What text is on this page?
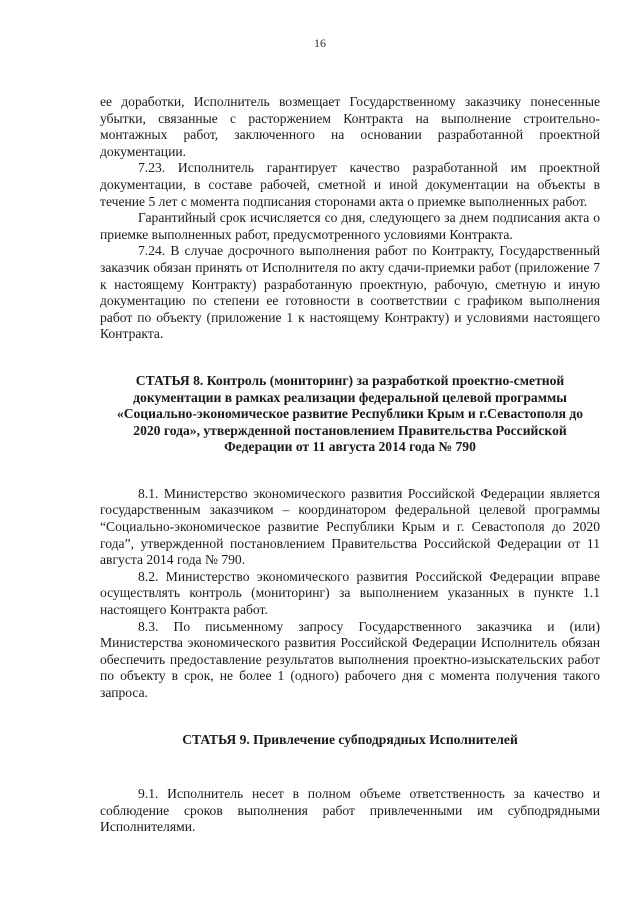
16

ее доработки, Исполнитель возмещает Государственному заказчику понесенные убытки, связанные с расторжением Контракта на выполнение строительно-монтажных работ, заключенного на основании разработанной проектной документации.

7.23. Исполнитель гарантирует качество разработанной им проектной документации, в составе рабочей, сметной и иной документации на объекты в течение 5 лет с момента подписания сторонами акта о приемке выполненных работ.

Гарантийный срок исчисляется со дня, следующего за днем подписания акта о приемке выполненных работ, предусмотренного условиями Контракта.

7.24. В случае досрочного выполнения работ по Контракту, Государственный заказчик обязан принять от Исполнителя по акту сдачи-приемки работ (приложение 7 к настоящему Контракту) разработанную проектную, рабочую, сметную и иную документацию по степени ее готовности в соответствии с графиком выполнения работ по объекту (приложение 1 к настоящему Контракту) и условиями настоящего Контракта.

СТАТЬЯ 8. Контроль (мониторинг) за разработкой проектно-сметной документации в рамках реализации федеральной целевой программы «Социально-экономическое развитие Республики Крым и г.Севастополя до 2020 года», утвержденной постановлением Правительства Российской Федерации от 11 августа 2014 года № 790

8.1. Министерство экономического развития Российской Федерации является государственным заказчиком – координатором федеральной целевой программы “Социально-экономическое развитие Республики Крым и г. Севастополя до 2020 года”, утвержденной постановлением Правительства Российской Федерации от 11 августа 2014 года № 790.

8.2. Министерство экономического развития Российской Федерации вправе осуществлять контроль (мониторинг) за выполнением указанных в пункте 1.1 настоящего Контракта работ.

8.3. По письменному запросу Государственного заказчика и (или) Министерства экономического развития Российской Федерации Исполнитель обязан обеспечить предоставление результатов выполнения проектно-изыскательских работ по объекту в срок, не более 1 (одного) рабочего дня с момента получения такого запроса.

СТАТЬЯ 9. Привлечение субподрядных Исполнителей

9.1. Исполнитель несет в полном объеме ответственность за качество и соблюдение сроков выполнения работ привлеченными им субподрядными Исполнителями.
